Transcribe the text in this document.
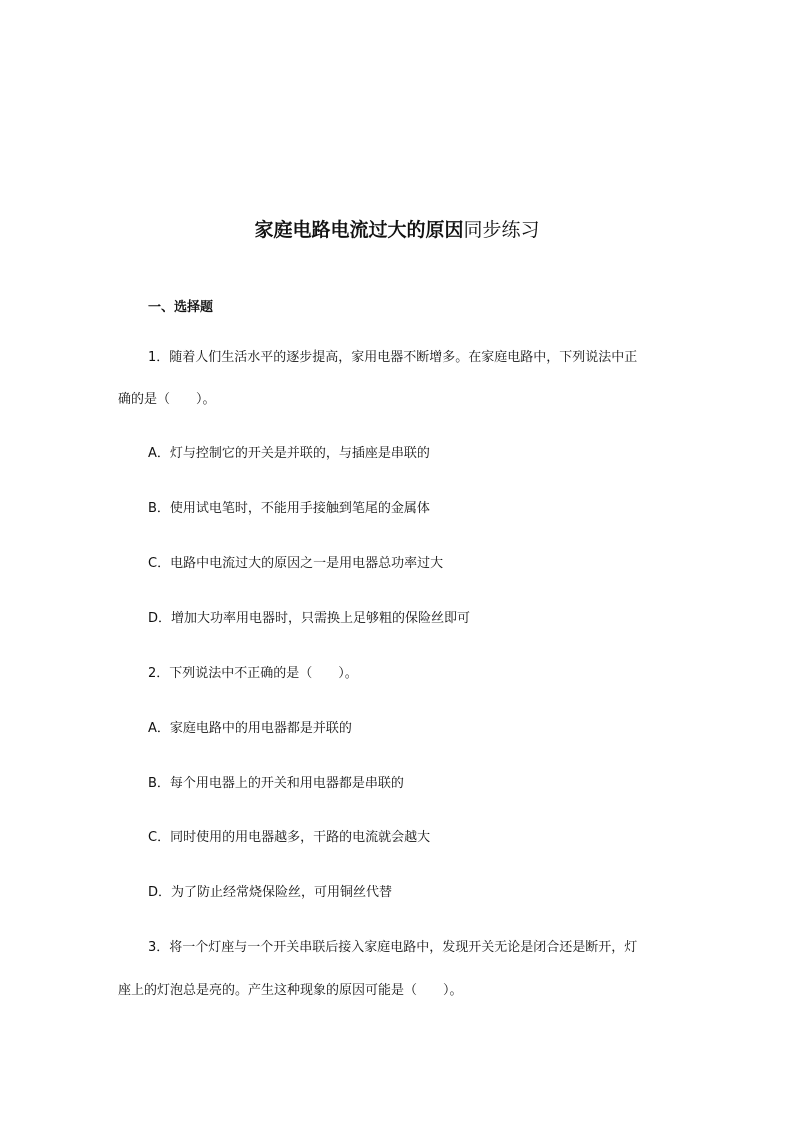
家庭电路电流过大的原因同步练习
一、选择题
1．随着人们生活水平的逐步提高，家用电器不断增多。在家庭电路中，下列说法中正
确的是（　　）。
A．灯与控制它的开关是并联的，与插座是串联的
B．使用试电笔时，不能用手接触到笔尾的金属体
C．电路中电流过大的原因之一是用电器总功率过大
D．增加大功率用电器时，只需换上足够粗的保险丝即可
2．下列说法中不正确的是（　　）。
A．家庭电路中的用电器都是并联的
B．每个用电器上的开关和用电器都是串联的
C．同时使用的用电器越多，干路的电流就会越大
D．为了防止经常烧保险丝，可用铜丝代替
3．将一个灯座与一个开关串联后接入家庭电路中，发现开关无论是闭合还是断开，灯
座上的灯泡总是亮的。产生这种现象的原因可能是（　　）。
